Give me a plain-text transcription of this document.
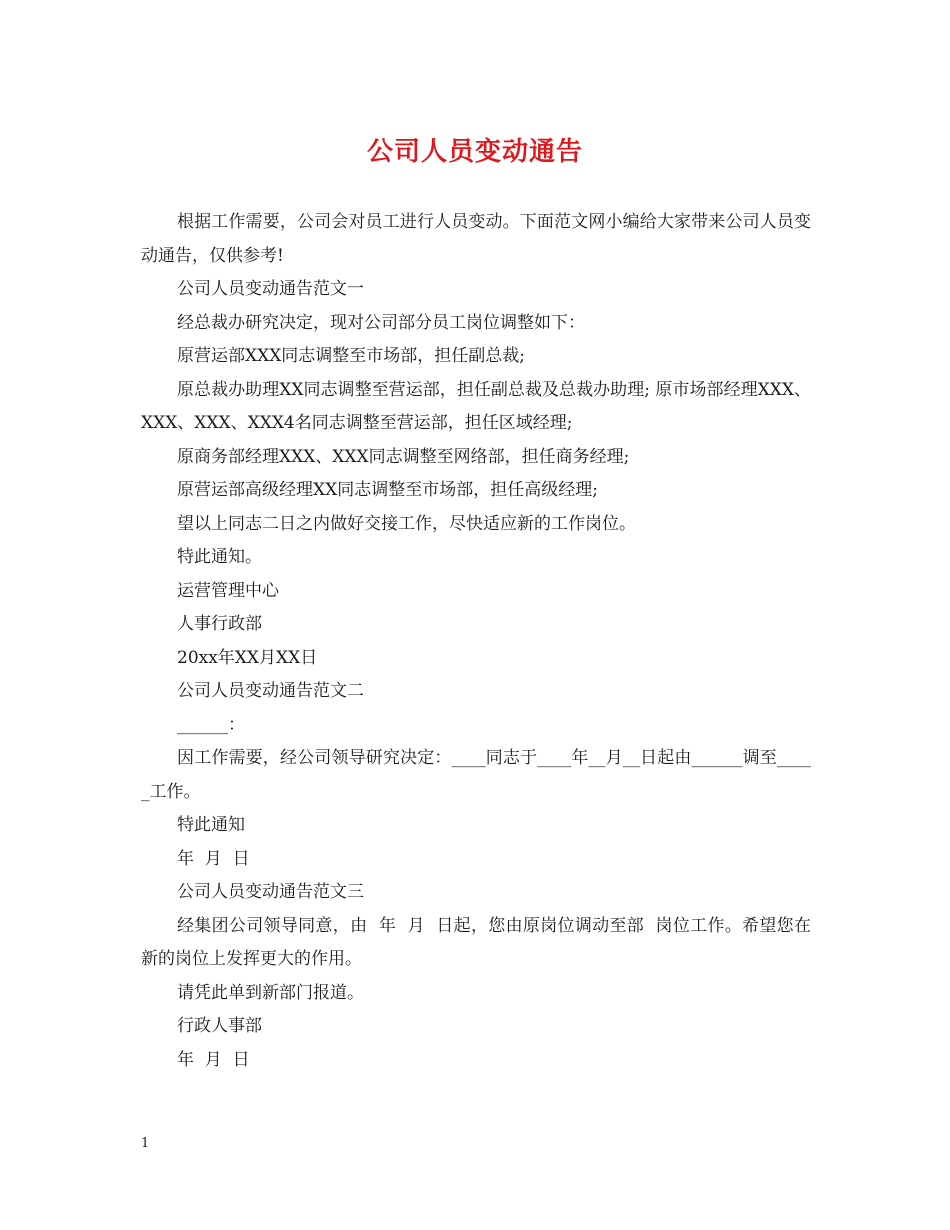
公司人员变动通告

根据工作需要，公司会对员工进行人员变动。下面范文网小编给大家带来公司人员变动通告，仅供参考!

公司人员变动通告范文一

经总裁办研究决定，现对公司部分员工岗位调整如下：

原营运部XXX同志调整至市场部，担任副总裁;

原总裁办助理XX同志调整至营运部，担任副总裁及总裁办助理; 原市场部经理XXX、XXX、XXX、XXX4名同志调整至营运部，担任区域经理;

原商务部经理XXX、XXX同志调整至网络部，担任商务经理;

原营运部高级经理XX同志调整至市场部，担任高级经理;

望以上同志二日之内做好交接工作，尽快适应新的工作岗位。

特此通知。

运营管理中心

人事行政部

20xx年XX月XX日

公司人员变动通告范文二

______：

因工作需要，经公司领导研究决定：____同志于____年__月__日起由______调至_____工作。

特此通知

年  月  日

公司人员变动通告范文三

经集团公司领导同意，由  年  月  日起，您由原岗位调动至部  岗位工作。希望您在新的岗位上发挥更大的作用。

请凭此单到新部门报道。

行政人事部

年  月  日

1
